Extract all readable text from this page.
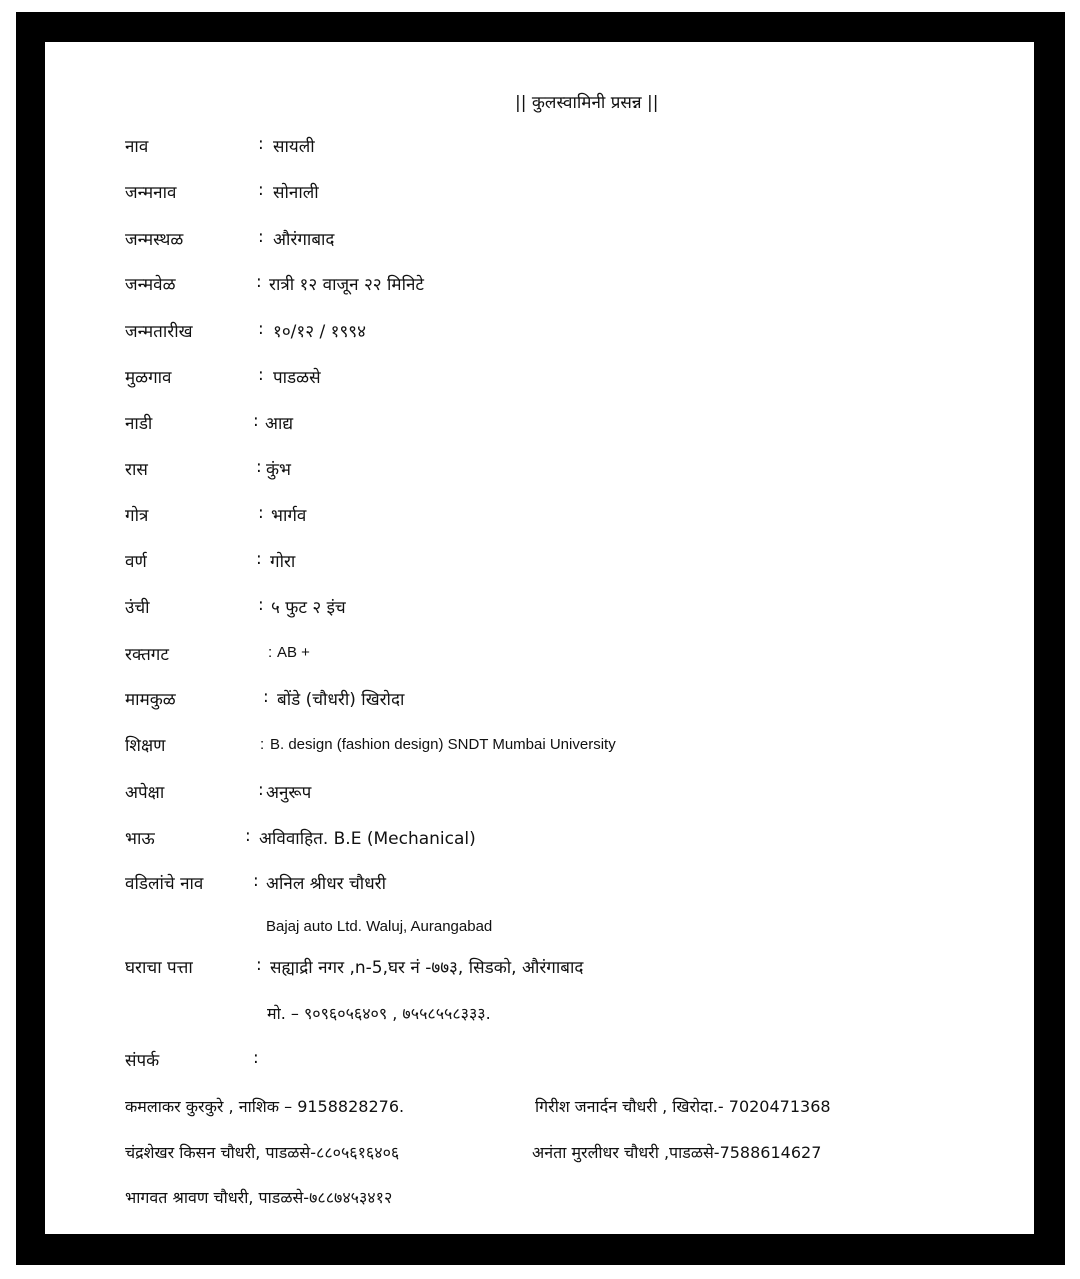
|| कुलस्वामिनी प्रसन्न ||
नाव	: सायली
जन्मनाव	: सोनाली
जन्मस्थळ	: औरंगाबाद
जन्मवेळ	: रात्री १२ वाजून २२ मिनिटे
जन्मतारीख	: १०/१२ / १९९४
मुळगाव	: पाडळसे
नाडी	: आद्य
रास	: कुंभ
गोत्र	: भार्गव
वर्ण	: गोरा
उंची	: ५ फुट २ इंच
रक्तगट	: AB +
मामकुळ	: बोंडे (चौधरी) खिरोदा
शिक्षण	: B. design (fashion design) SNDT Mumbai University
अपेक्षा	: अनुरूप
भाऊ	: अविवाहित. B.E (Mechanical)
वडिलांचे नाव	: अनिल श्रीधर चौधरी
Bajaj auto Ltd. Waluj, Aurangabad
घराचा पत्ता	: सह्याद्री नगर ,n-5,घर नं -७७३, सिडको, औरंगाबाद
मो. – ९०९६०५६४०९ , ७५५८५५८३३३.
संपर्क	:
कमलाकर कुरकुरे , नाशिक – 9158828276.	गिरीश जनार्दन चौधरी , खिरोदा.- 7020471368
चंद्रशेखर किसन चौधरी, पाडळसे-८८०५६१६४०६	अनंता मुरलीधर चौधरी ,पाडळसे-7588614627
भागवत श्रावण चौधरी, पाडळसे-७८८७४५३४१२
